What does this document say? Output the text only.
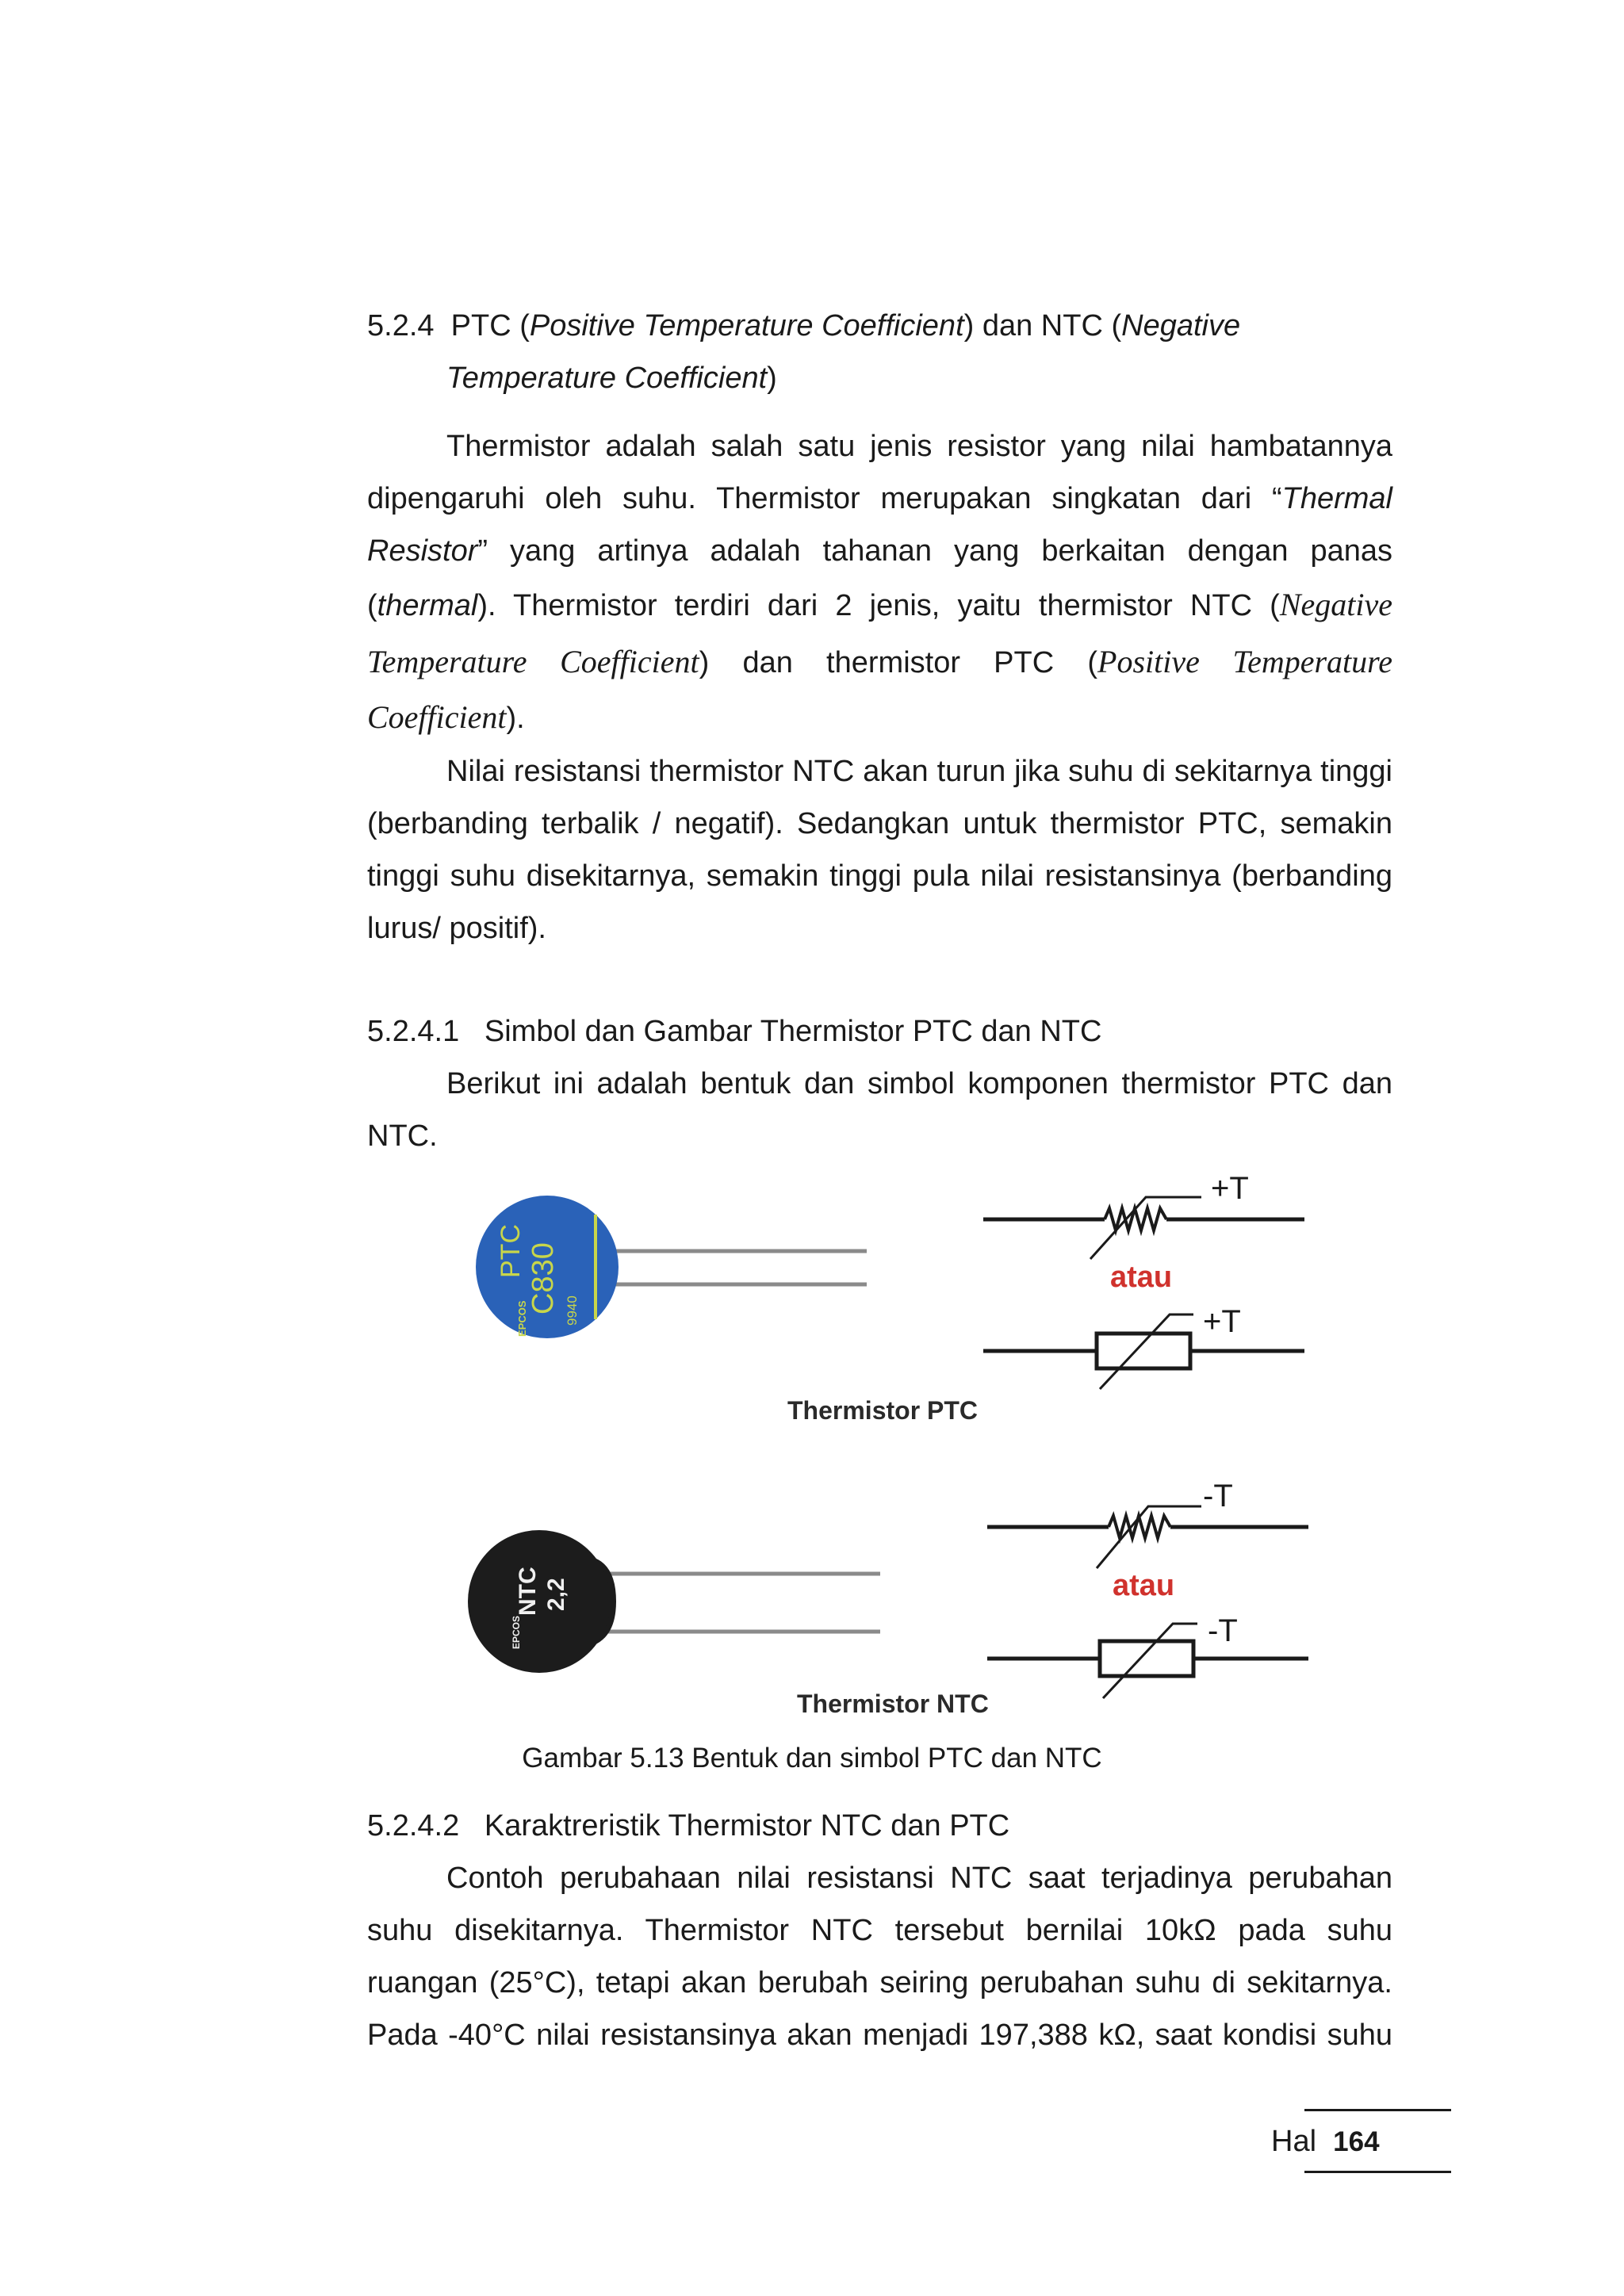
5.2.4 PTC (Positive Temperature Coefficient) dan NTC (Negative
Temperature Coefficient)
Thermistor adalah salah satu jenis resistor yang nilai hambatannya
dipengaruhi oleh suhu. Thermistor merupakan singkatan dari “Thermal
Resistor” yang artinya adalah tahanan yang berkaitan dengan panas
(thermal). Thermistor terdiri dari 2 jenis, yaitu thermistor NTC (Negative
Temperature Coefficient) dan thermistor PTC (Positive Temperature
Coefficient).
Nilai resistansi thermistor NTC akan turun jika suhu di sekitarnya tinggi
(berbanding terbalik / negatif). Sedangkan untuk thermistor PTC, semakin
tinggi suhu disekitarnya, semakin tinggi pula nilai resistansinya (berbanding
lurus/ positif).
5.2.4.1   Simbol dan Gambar Thermistor PTC dan NTC
Berikut ini adalah bentuk dan simbol komponen thermistor PTC dan
NTC.
PTC C830
EPCOS	9940
+T
atau
+T
Thermistor PTC
NTC 2,2
EPCOS
-T
atau
-T
Thermistor NTC
Gambar 5.13 Bentuk dan simbol PTC dan NTC
5.2.4.2   Karaktreristik Thermistor NTC dan PTC
Contoh perubahaan nilai resistansi NTC saat terjadinya perubahan
suhu disekitarnya. Thermistor NTC tersebut bernilai 10kΩ pada suhu
ruangan (25°C), tetapi akan berubah seiring perubahan suhu di sekitarnya.
Pada -40°C nilai resistansinya akan menjadi 197,388 kΩ, saat kondisi suhu
Hal 164
